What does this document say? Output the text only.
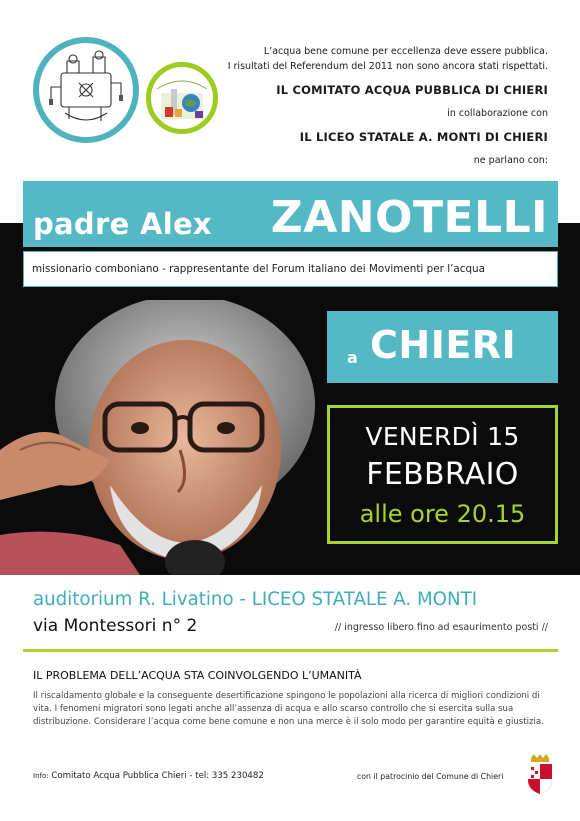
L’acqua bene comune per eccellenza deve essere pubblica.
I risultati del Referendum del 2011 non sono ancora stati rispettati.
IL COMITATO ACQUA PUBBLICA DI CHIERI
in collaborazione con
IL LICEO STATALE A. MONTI DI CHIERI
ne parlano con:
padre Alex ZANOTELLI
missionario comboniano - rappresentante del Forum italiano dei Movimenti per l’acqua
a CHIERI
VENERDÌ 15
FEBBRAIO
alle ore 20.15
auditorium R. Livatino - LICEO STATALE A. MONTI
via Montessori n° 2	// ingresso libero fino ad esaurimento posti //
IL PROBLEMA DELL’ACQUA STA COINVOLGENDO L’UMANITÀ
Il riscaldamento globale e la conseguente desertificazione spingono le popolazioni alla ricerca di migliori condizioni di vita. I fenomeni migratori sono legati anche all’assenza di acqua e allo scarso controllo che si esercita sulla sua distribuzione. Considerare l’acqua come bene comune e non una merce è il solo modo per garantire equità e giustizia.
Info: Comitato Acqua Pubblica Chieri - tel: 335 230482	con il patrocinio del Comune di Chieri
